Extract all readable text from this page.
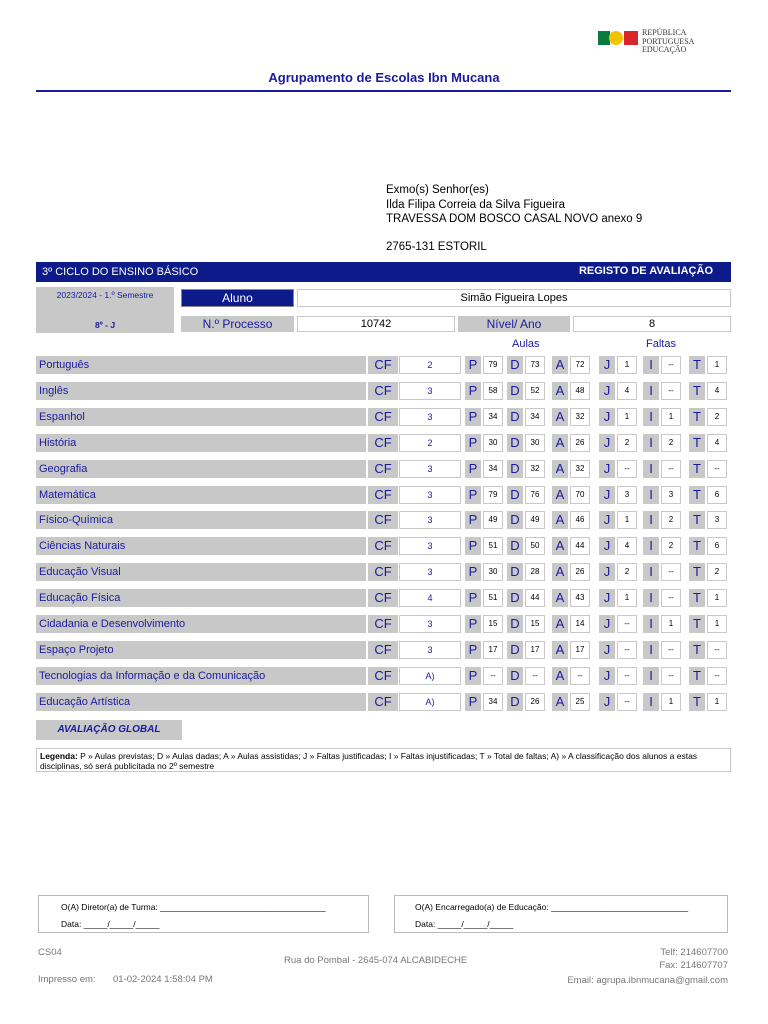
REPÚBLICA
PORTUGUESA
EDUCAÇÃO
Agrupamento de Escolas Ibn Mucana
Exmo(s) Senhor(es)
Ilda Filipa Correia da Silva Figueira
TRAVESSA DOM BOSCO CASAL NOVO anexo 9
2765-131 ESTORIL
3º CICLO DO ENSINO BÁSICO	REGISTO DE AVALIAÇÃO
2023/2024 - 1.º Semestre
8º - J
Aluno	Simão Figueira Lopes
N.º Processo	10742	Nível/ Ano	8
Aulas	Faltas
Português	CF	2	P	79 D	73	A	72	J	1	I	--	T	1
Inglês	CF	3	P	58 D	52	A	48	J	4	I	--	T	4
Espanhol	CF	3	P	34 D	34	A	32	J	1	I	1	T	2
História	CF	2	P	30 D	30	A	26	J	2	I	2	T	4
Geografia	CF	3	P	34 D	32	A	32	J	--	I	--	T	--
Matemática	CF	3	P	79 D	76	A	70	J	3	I	3	T	6
Físico-Química	CF	3	P	49 D	49	A	46	J	1	I	2	T	3
Ciências Naturais	CF	3	P	51 D	50	A	44	J	4	I	2	T	6
Educação Visual	CF	3	P	30 D	28	A	26	J	2	I	--	T	2
Educação Física	CF	4	P	51 D	44	A	43	J	1	I	--	T	1
Cidadania e Desenvolvimento	CF	3	P	15 D	15	A	14	J	--	I	1	T	1
Espaço Projeto	CF	3	P	17 D	17	A	17	J	--	I	--	T	--
Tecnologias da Informação e da Comunicação	CF	A)	P	--	D	--	A	--	J	--	I	--	T	--
Educação Artística	CF	A)	P	34 D	26	A	25	J	--	I	1	T	1
AVALIAÇÃO GLOBAL
Legenda: P » Aulas previstas; D » Aulas dadas; A » Aulas assistidas; J » Faltas justificadas; I » Faltas injustificadas; T » Total de faltas; A) » A classificação dos alunos a estas disciplinas, só será publicitada no 2º semestre
O(A) Diretor(a) de Turma: ___________________________________
Data: _____/_____/_____
O(A) Encarregado(a) de Educação: _____________________________
Data: _____/_____/_____
CS04
Rua do Pombal - 2645-074 ALCABIDECHE
Telf: 214607700
Fax: 214607707
Impresso em: 01-02-2024 1:58:04 PM	Email: agrupa.ibnmucana@gmail.com
